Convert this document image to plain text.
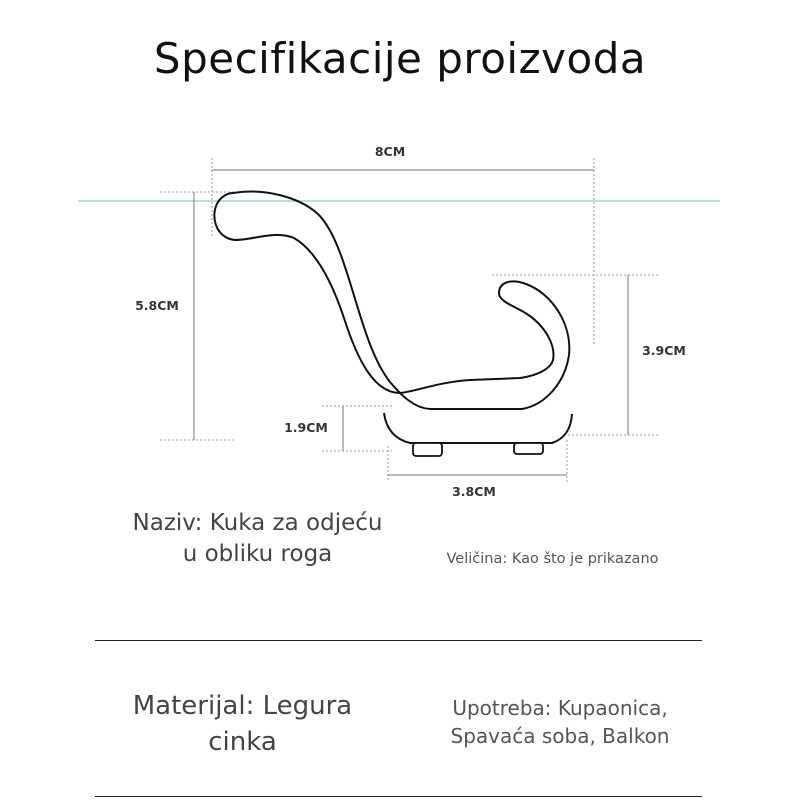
Specifikacije proizvoda
8CM
5.8CM
3.9CM
1.9CM
3.8CM
Naziv: Kuka za odjeću u obliku roga	Veličina: Kao što je prikazano
Materijal: Legura cinka
Upotreba: Kupaonica, Spavaća soba, Balkon
